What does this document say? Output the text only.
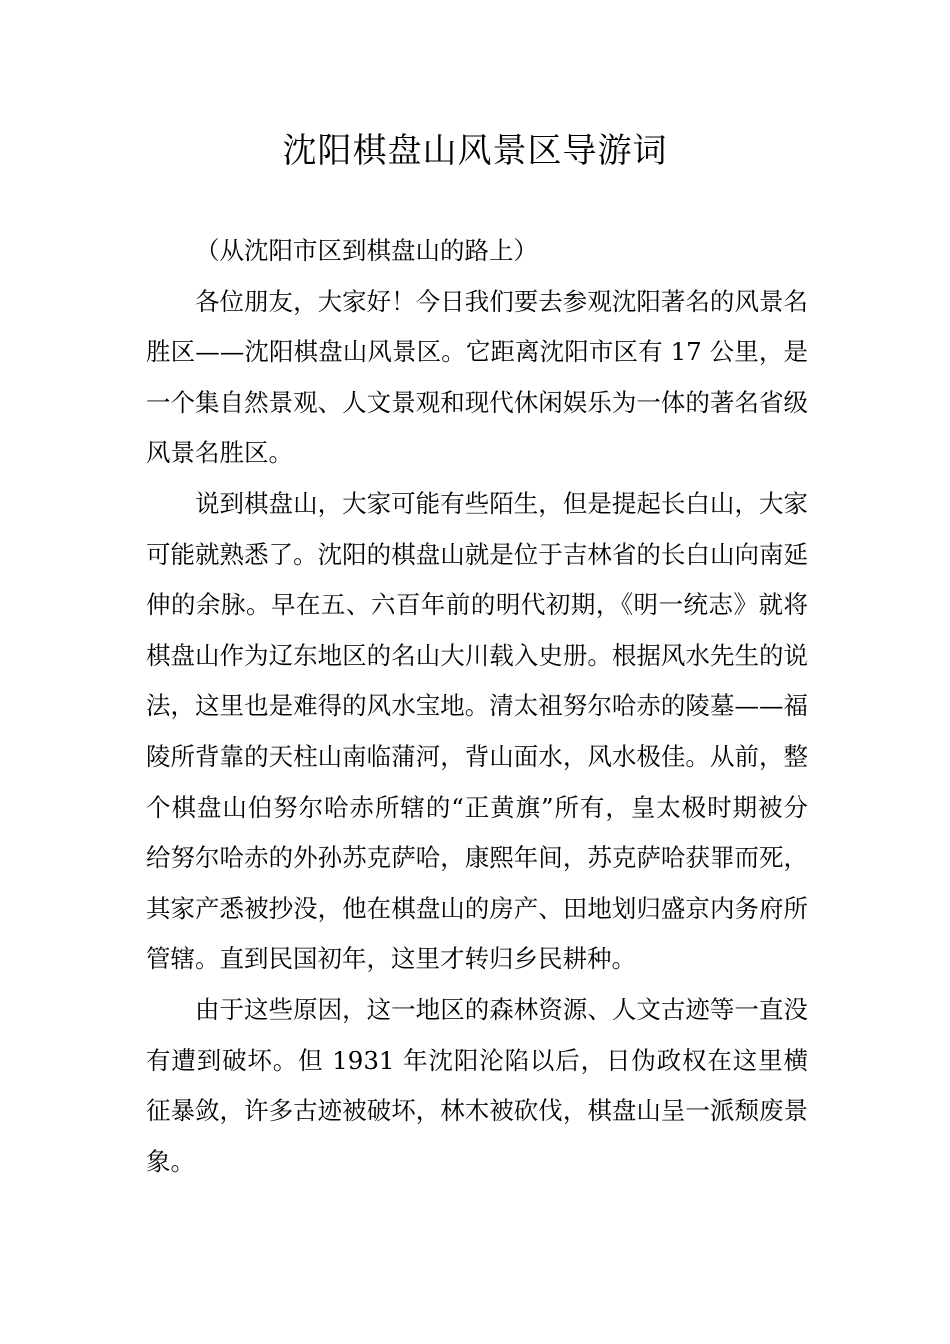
沈阳棋盘山风景区导游词

（从沈阳市区到棋盘山的路上）

各位朋友，大家好！今日我们要去参观沈阳著名的风景名胜区——沈阳棋盘山风景区。它距离沈阳市区有 17 公里，是一个集自然景观、人文景观和现代休闲娱乐为一体的著名省级风景名胜区。

说到棋盘山，大家可能有些陌生，但是提起长白山，大家可能就熟悉了。沈阳的棋盘山就是位于吉林省的长白山向南延伸的余脉。早在五、六百年前的明代初期，《明一统志》就将棋盘山作为辽东地区的名山大川载入史册。根据风水先生的说法，这里也是难得的风水宝地。清太祖努尔哈赤的陵墓——福陵所背靠的天柱山南临蒲河，背山面水，风水极佳。从前，整个棋盘山伯努尔哈赤所辖的“正黄旗”所有，皇太极时期被分给努尔哈赤的外孙苏克萨哈，康熙年间，苏克萨哈获罪而死，其家产悉被抄没，他在棋盘山的房产、田地划归盛京内务府所管辖。直到民国初年，这里才转归乡民耕种。

由于这些原因，这一地区的森林资源、人文古迹等一直没有遭到破坏。但 1931 年沈阳沦陷以后，日伪政权在这里横征暴敛，许多古迹被破坏，林木被砍伐，棋盘山呈一派颓废景象。
